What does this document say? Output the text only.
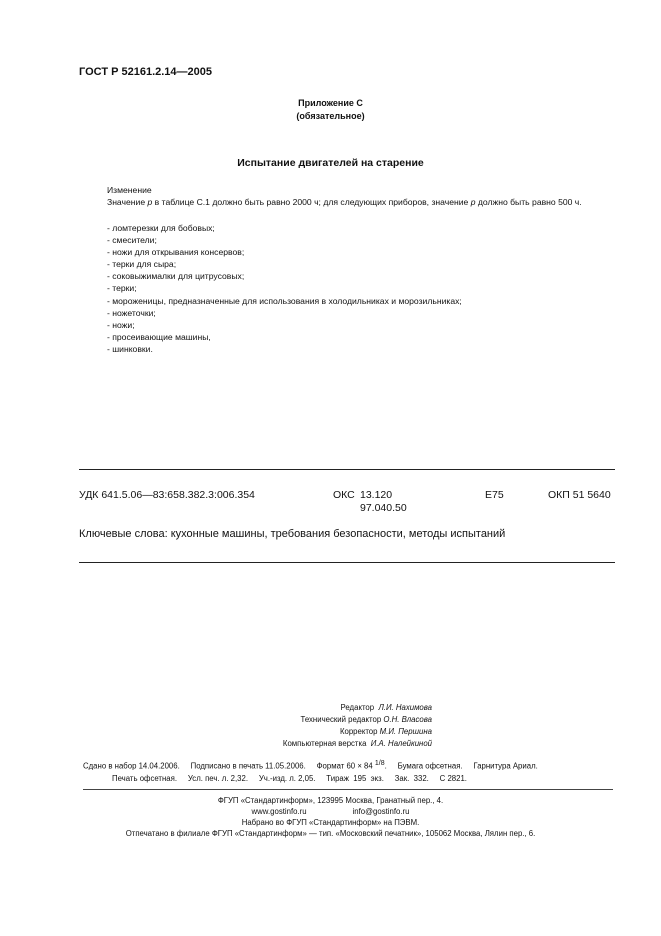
ГОСТ Р 52161.2.14—2005
Приложение С
(обязательное)
Испытание двигателей на старение
Изменение
Значение p в таблице С.1 должно быть равно 2000 ч; для следующих приборов, значение p должно быть равно 500 ч.
- ломтерезки для бобовых;
- смесители;
- ножи для открывания консервов;
- терки для сыра;
- соковыжималки для цитрусовых;
- терки;
- мороженицы, предназначенные для использования в холодильниках и морозильниках;
- ножеточки;
- ножи;
- просеивающие машины,
- шинковки.
УДК 641.5.06—83:658.382.3:006.354	ОКС 13.120
97.040.50
Е75	ОКП 51 5640
Ключевые слова: кухонные машины, требования безопасности, методы испытаний
Редактор Л.И. Нахимова
Технический редактор О.Н. Власова
Корректор М.И. Першина
Компьютерная верстка И.А. Налейкиной
Сдано в набор 14.04.2006.     Подписано в печать 11.05.2006.     Формат 60 × 84 $^{1/8}$.     Бумага офсетная.     Гарнитура Ариал.
Печать офсетная.     Усл. печ. л. 2,32.     Уч.-изд. л. 2,05.     Тираж  195  экз.     Зак.  332.     С 2821.
ФГУП «Стандартинформ», 123995 Москва, Гранатный пер., 4.
www.gostinfo.ru	info@gostinfo.ru
Набрано во ФГУП «Стандартинформ» на ПЭВМ.
Отпечатано в филиале ФГУП «Стандартинформ» — тип. «Московский печатник», 105062 Москва, Лялин пер., 6.
